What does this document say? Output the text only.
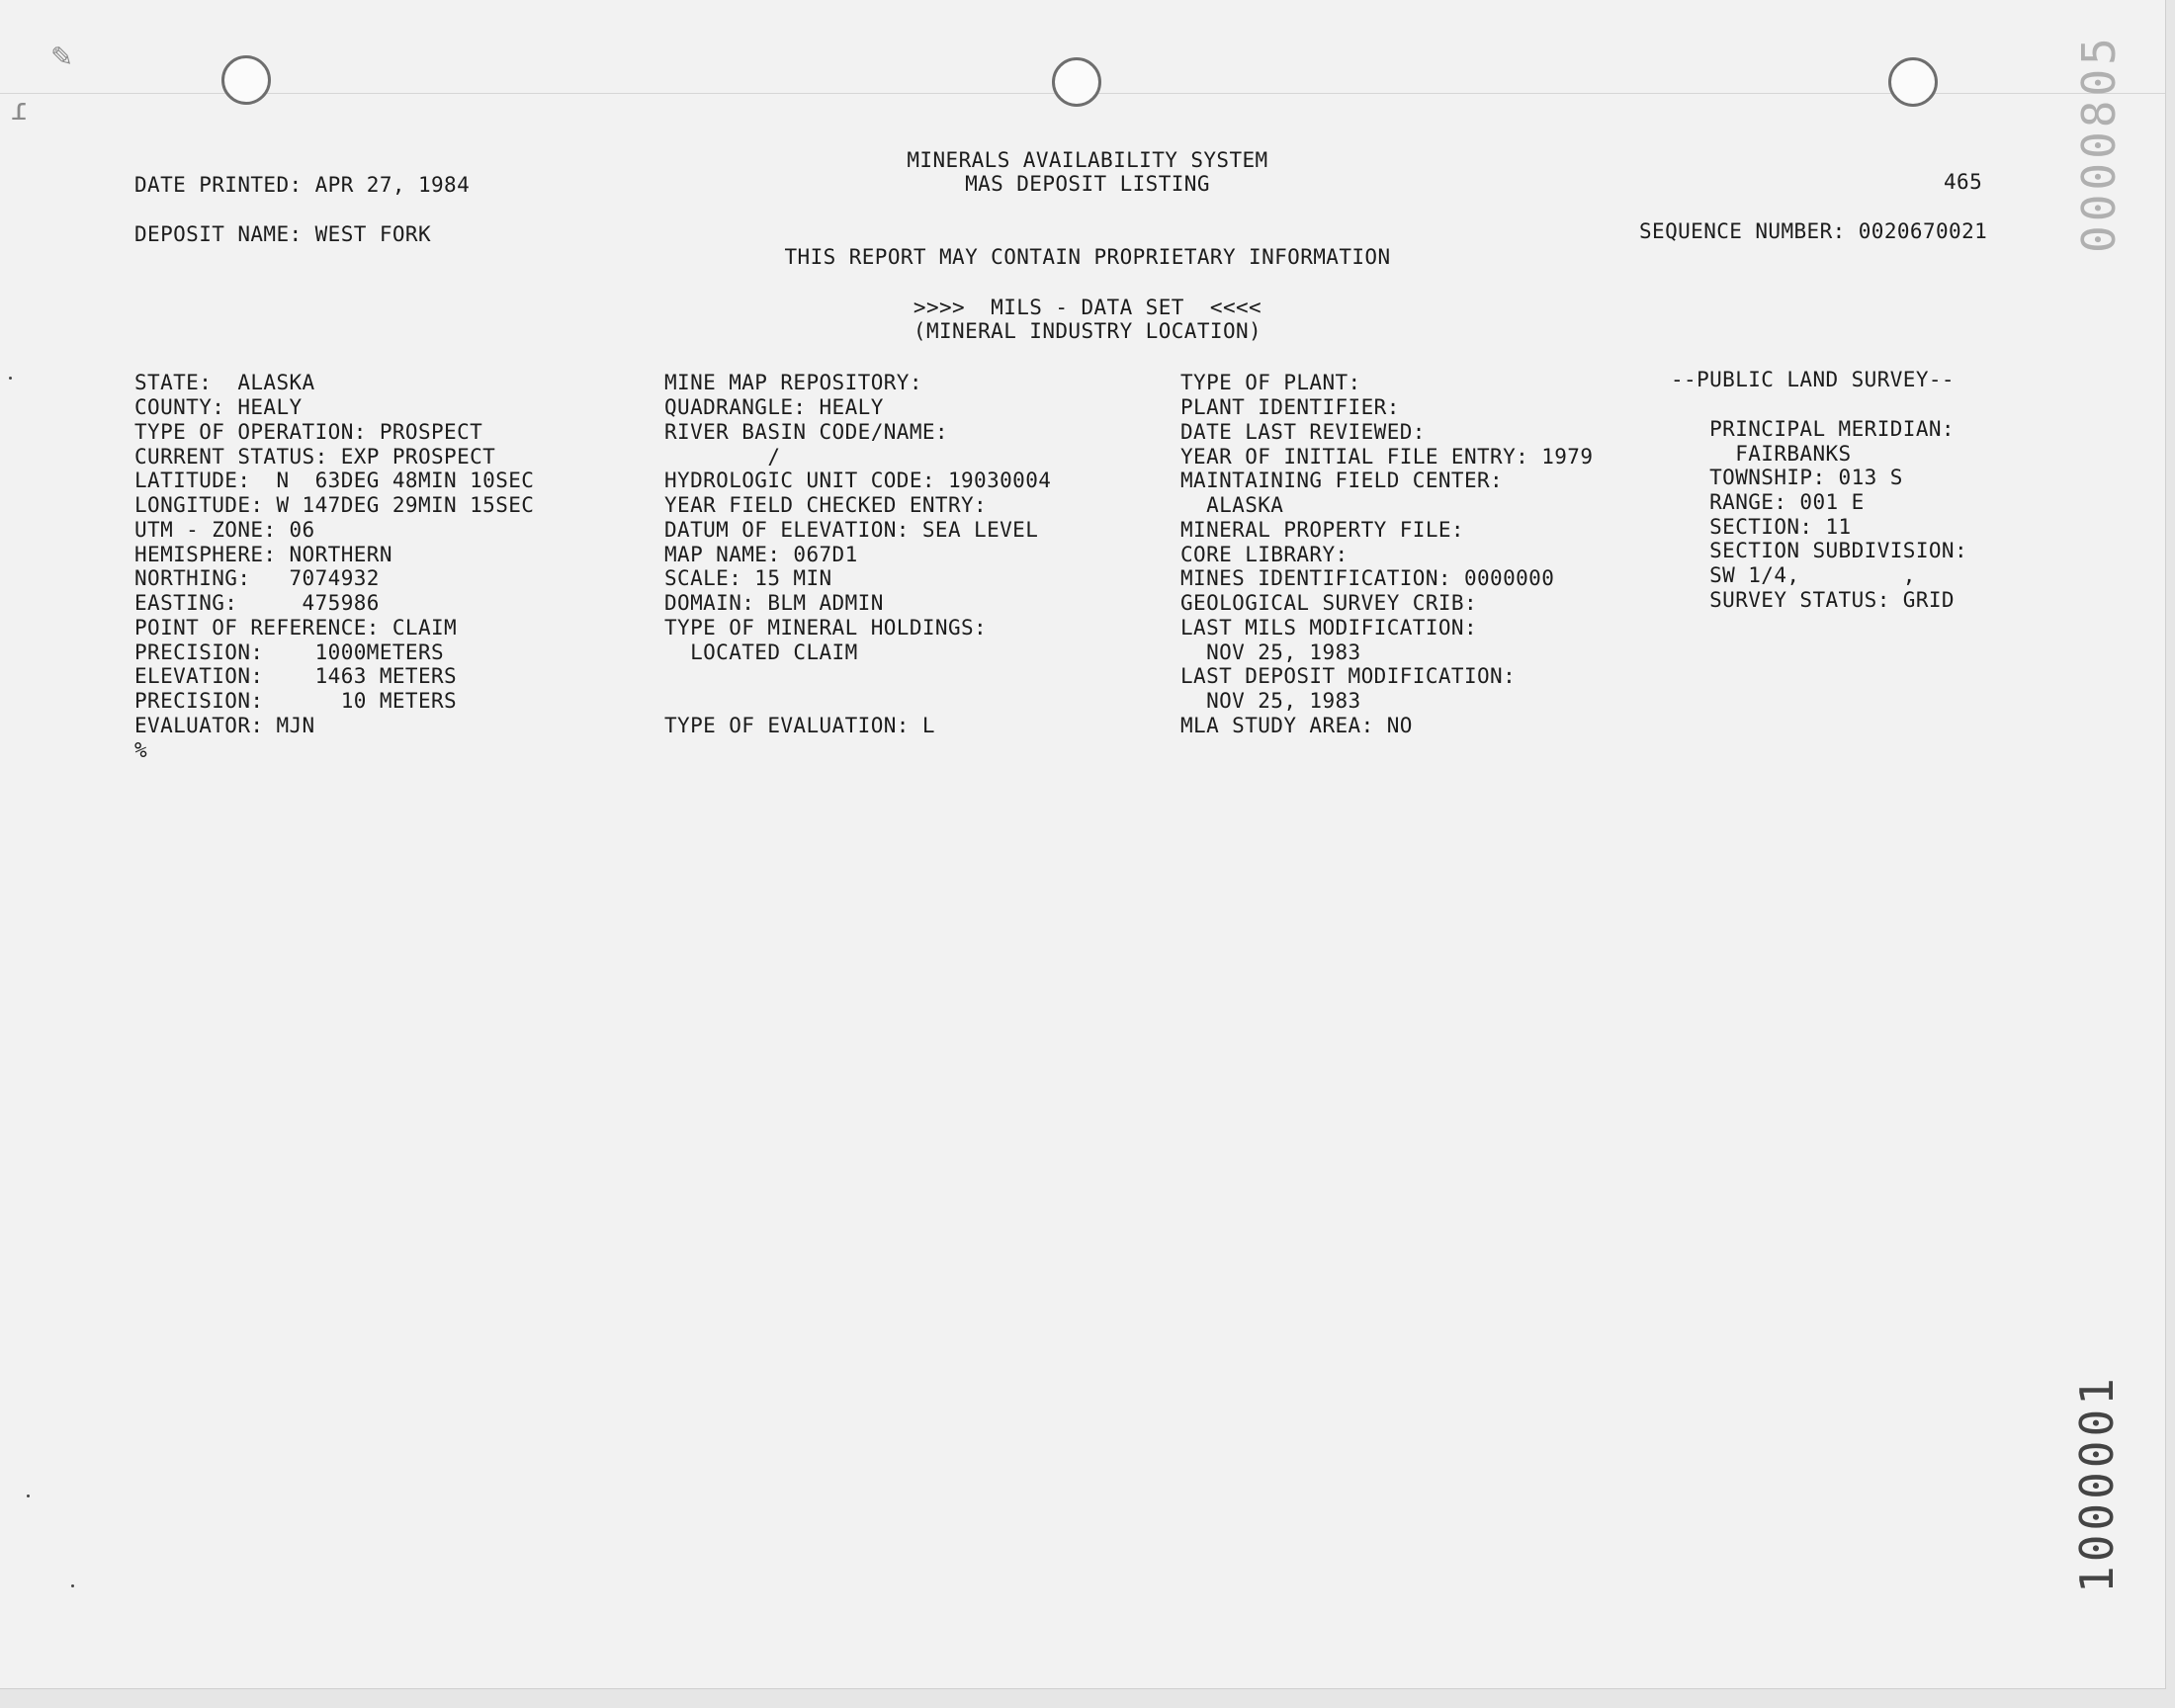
✎
ɾ
MINERALS AVAILABILITY SYSTEM
MAS DEPOSIT LISTING
DATE PRINTED: APR 27, 1984	465
DEPOSIT NAME: WEST FORK	SEQUENCE NUMBER: 0020670021
THIS REPORT MAY CONTAIN PROPRIETARY INFORMATION
>>>>  MILS - DATA SET  <<<<
(MINERAL INDUSTRY LOCATION)
STATE:  ALASKA
COUNTY: HEALY
TYPE OF OPERATION: PROSPECT
CURRENT STATUS: EXP PROSPECT
LATITUDE:  N  63DEG 48MIN 10SEC
LONGITUDE: W 147DEG 29MIN 15SEC
UTM - ZONE: 06
HEMISPHERE: NORTHERN
NORTHING:   7074932
EASTING:     475986
POINT OF REFERENCE: CLAIM
PRECISION:    1000METERS
ELEVATION:    1463 METERS
PRECISION:      10 METERS
EVALUATOR: MJN
%
MINE MAP REPOSITORY:
QUADRANGLE: HEALY
RIVER BASIN CODE/NAME:
/
HYDROLOGIC UNIT CODE: 19030004
YEAR FIELD CHECKED ENTRY:
DATUM OF ELEVATION: SEA LEVEL
MAP NAME: 067D1
SCALE: 15 MIN
DOMAIN: BLM ADMIN
TYPE OF MINERAL HOLDINGS:
LOCATED CLAIM
TYPE OF EVALUATION: L
TYPE OF PLANT:
PLANT IDENTIFIER:
DATE LAST REVIEWED:
YEAR OF INITIAL FILE ENTRY: 1979
MAINTAINING FIELD CENTER:
ALASKA
MINERAL PROPERTY FILE:
CORE LIBRARY:
MINES IDENTIFICATION: 0000000
GEOLOGICAL SURVEY CRIB:
LAST MILS MODIFICATION:
NOV 25, 1983
LAST DEPOSIT MODIFICATION:
NOV 25, 1983
MLA STUDY AREA: NO
--PUBLIC LAND SURVEY--
PRINCIPAL MERIDIAN:
FAIRBANKS
TOWNSHIP: 013 S
RANGE: 001 E
SECTION: 11
SECTION SUBDIVISION:
SW 1/4,        ,
SURVEY STATUS: GRID
0000805
1000001
